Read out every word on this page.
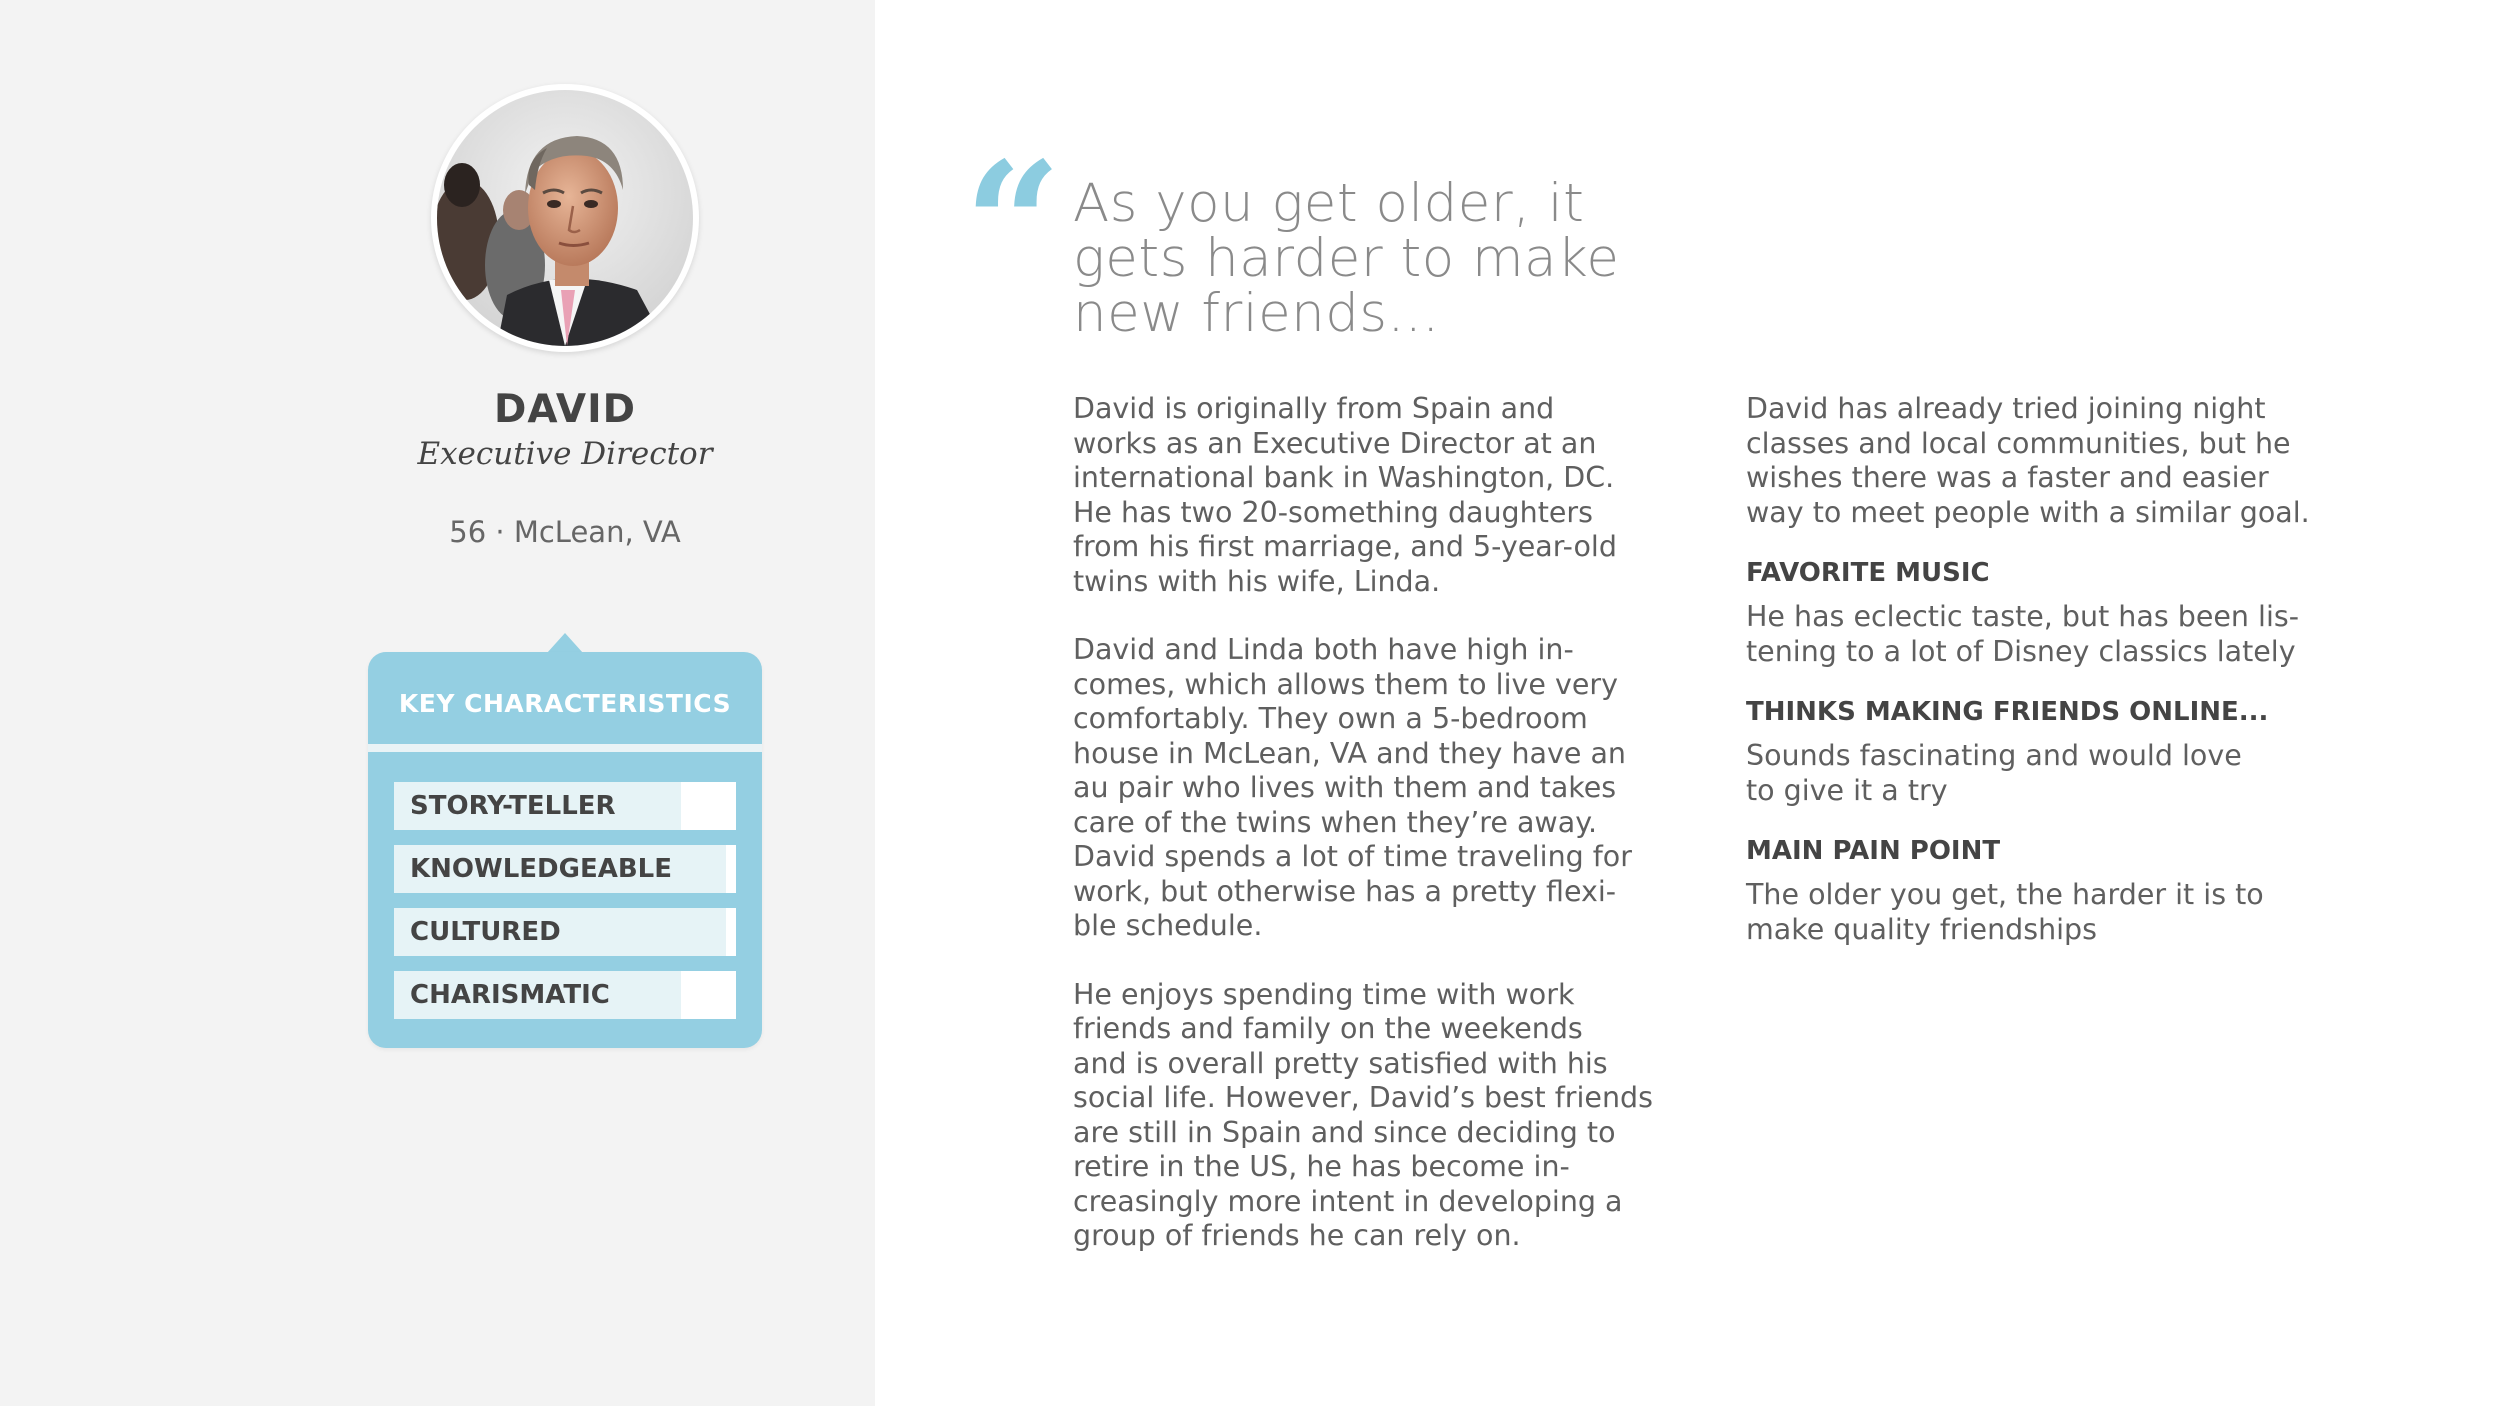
DAVID
Executive Director
56 · McLean, VA
KEY CHARACTERISTICS
STORY-TELLER
KNOWLEDGEABLE
CULTURED
CHARISMATIC
“ As you get older, it
gets harder to make
new friends...
David is originally from Spain and
works as an Executive Director at an
international bank in Washington, DC.
He has two 20-something daughters
from his first marriage, and 5-year-old
twins with his wife, Linda.
David and Linda both have high in-
comes, which allows them to live very
comfortably. They own a 5-bedroom
house in McLean, VA and they have an
au pair who lives with them and takes
care of the twins when they’re away.
David spends a lot of time traveling for
work, but otherwise has a pretty flexi-
ble schedule.
He enjoys spending time with work
friends and family on the weekends
and is overall pretty satisfied with his
social life. However, David’s best friends
are still in Spain and since deciding to
retire in the US, he has become in-
creasingly more intent in developing a
group of friends he can rely on.
David has already tried joining night
classes and local communities, but he
wishes there was a faster and easier
way to meet people with a similar goal.
FAVORITE MUSIC
He has eclectic taste, but has been lis-
tening to a lot of Disney classics lately
THINKS MAKING FRIENDS ONLINE...
Sounds fascinating and would love
to give it a try
MAIN PAIN POINT
The older you get, the harder it is to
make quality friendships
